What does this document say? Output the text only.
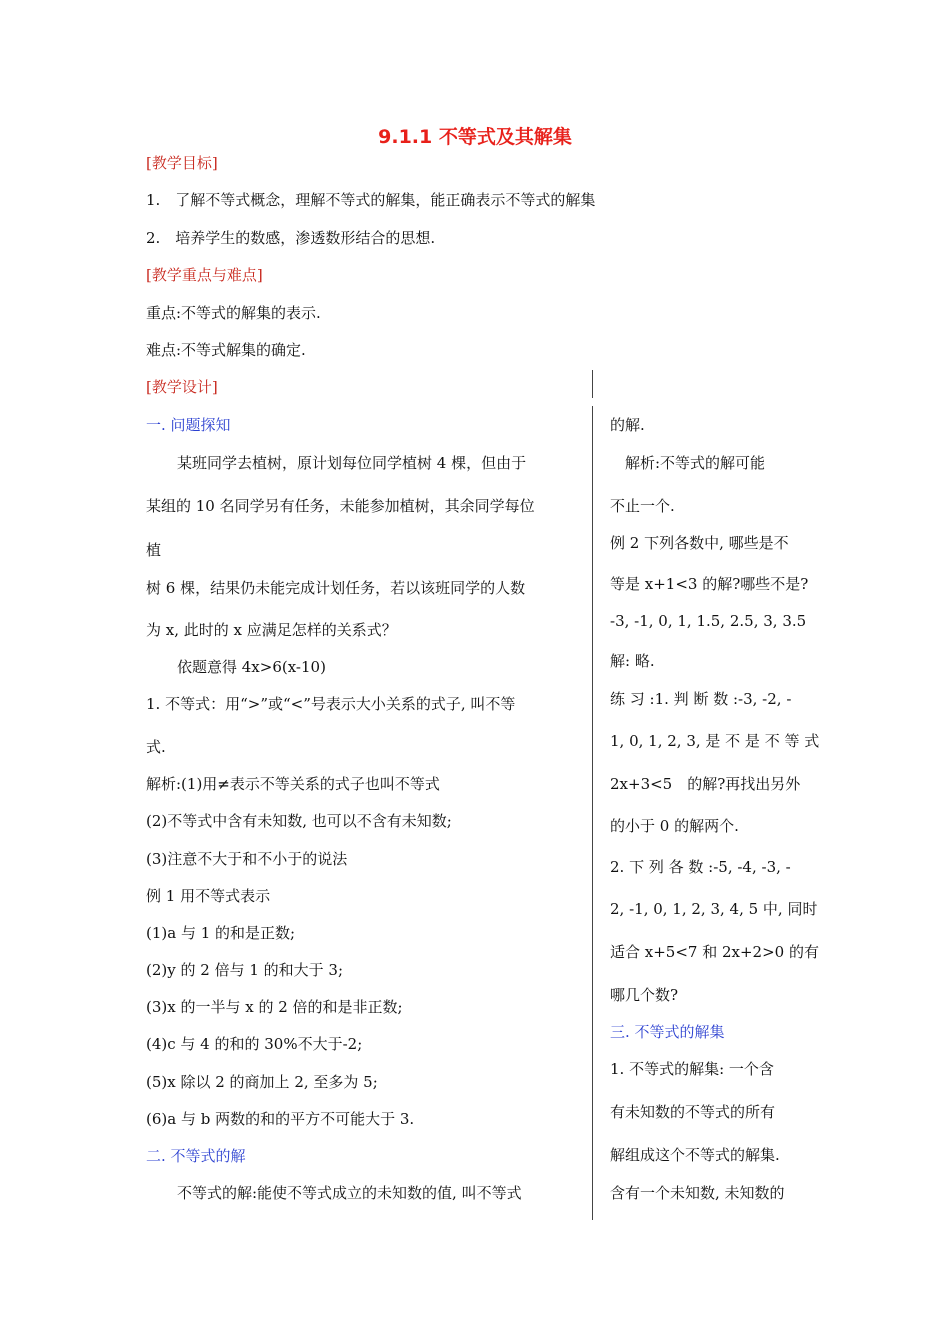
9.1.1 不等式及其解集
[教学目标]
1.　了解不等式概念，理解不等式的解集，能正确表示不等式的解集
2.　培养学生的数感，渗透数形结合的思想.
[教学重点与难点]
重点:不等式的解集的表示.
难点:不等式解集的确定.
[教学设计]
一. 问题探知
某班同学去植树，原计划每位同学植树 4 棵，但由于
某组的 10 名同学另有任务，未能参加植树，其余同学每位
植
树 6 棵，结果仍未能完成计划任务，若以该班同学的人数
为 x, 此时的 x 应满足怎样的关系式？
依题意得 4x>6(x-10)
1. 不等式：用“>”或“<”号表示大小关系的式子, 叫不等
式.
解析:(1)用≠表示不等关系的式子也叫不等式
(2)不等式中含有未知数, 也可以不含有未知数;
(3)注意不大于和不小于的说法
例 1 用不等式表示
(1)a 与 1 的和是正数;
(2)y 的 2 倍与 1 的和大于 3;
(3)x 的一半与 x 的 2 倍的和是非正数;
(4)c 与 4 的和的 30%不大于-2;
(5)x 除以 2 的商加上 2, 至多为 5;
(6)a 与 b 两数的和的平方不可能大于 3.
二. 不等式的解
不等式的解:能使不等式成立的未知数的值, 叫不等式
的解.
　解析:不等式的解可能
不止一个.
例 2 下列各数中, 哪些是不
等是 x+1<3 的解?哪些不是?
-3, -1, 0, 1, 1.5, 2.5, 3, 3.5
解: 略.
练 习 :1. 判 断 数 :-3, -2, -
1, 0, 1, 2, 3, 是 不 是 不 等 式
2x+3<5　的解?再找出另外
的小于 0 的解两个.
2. 下 列 各 数 :-5, -4, -3, -
2, -1, 0, 1, 2, 3, 4, 5 中, 同时
适合 x+5<7 和 2x+2>0 的有
哪几个数?
三. 不等式的解集
1. 不等式的解集: 一个含
有未知数的不等式的所有
解组成这个不等式的解集.
含有一个未知数, 未知数的
